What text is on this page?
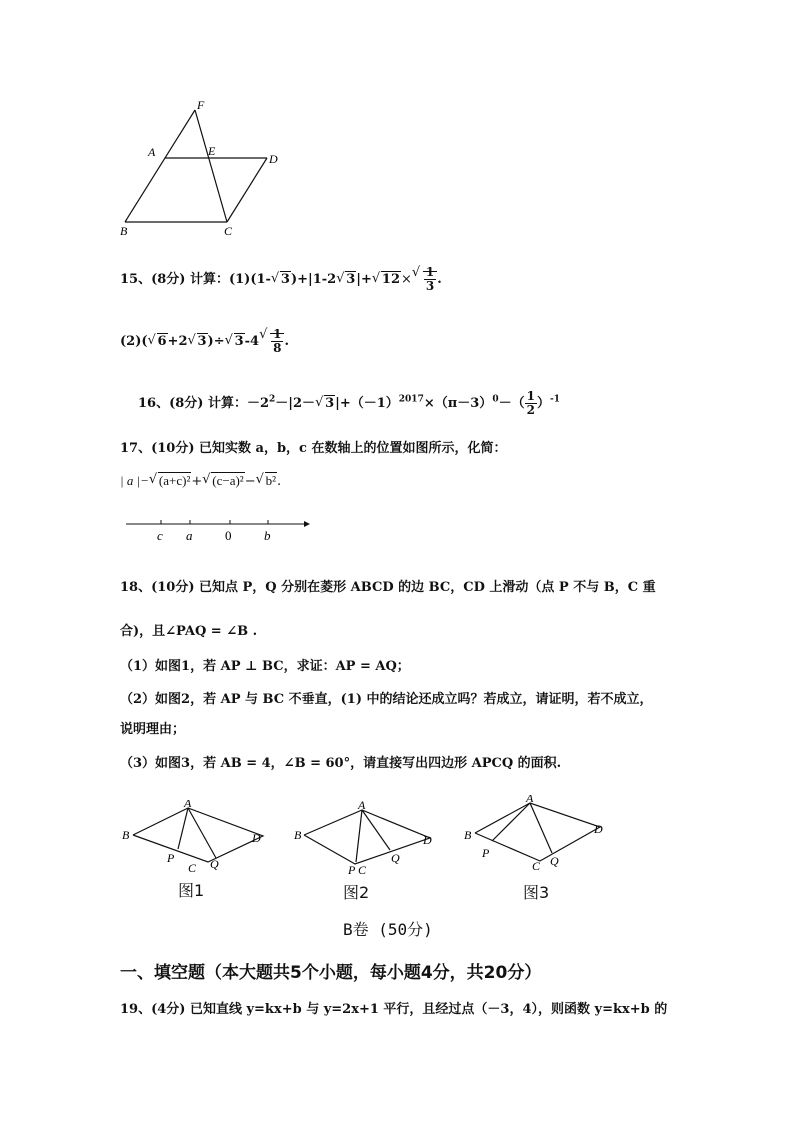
F
A	E
D
B	C
15、(8分) 计算：(1)(1-√ 3)+|1-2√ 3|+√ 12×
√ $\frac{1}{3}$ .
(2)(√ 6+2√ 3)÷√ 3-4
√ $\frac{1}{8}$ .
16、(8分) 计算：$-2^2-|2-√$ $3|+(-1)^{2017}\times(\pi-3)^0-( \frac{1}{2} )^{-1}$
17、(10分) 已知实数 a，b，c 在数轴上的位置如图所示，化简：
| a |−√ (a+c)²+√ (c−a)²−√ b².
c a	0	b
18、(10分) 已知点 P，Q 分别在菱形 ABCD 的边 BC，CD 上滑动（点 P 不与 B，C 重
合)，且∠PAQ = ∠B .
（1）如图1，若 AP ⊥ BC，求证：AP = AQ；
（2）如图2，若 AP 与 BC 不垂直，(1) 中的结论还成立吗？若成立，请证明，若不成立，
说明理由；
（3）如图3，若 AB = 4，∠B = 60°，请直接写出四边形 APCQ 的面积.
A
B	D
P
C Q
A
B	D
P C
Q
A
B	D
P
C Q
图1	图2	图3
B卷 (50分)
一、填空题（本大题共5个小题，每小题4分，共20分）
19、(4分) 已知直线 y=kx+b 与 y=2x+1 平行，且经过点（－3，4），则函数 y=kx+b 的
